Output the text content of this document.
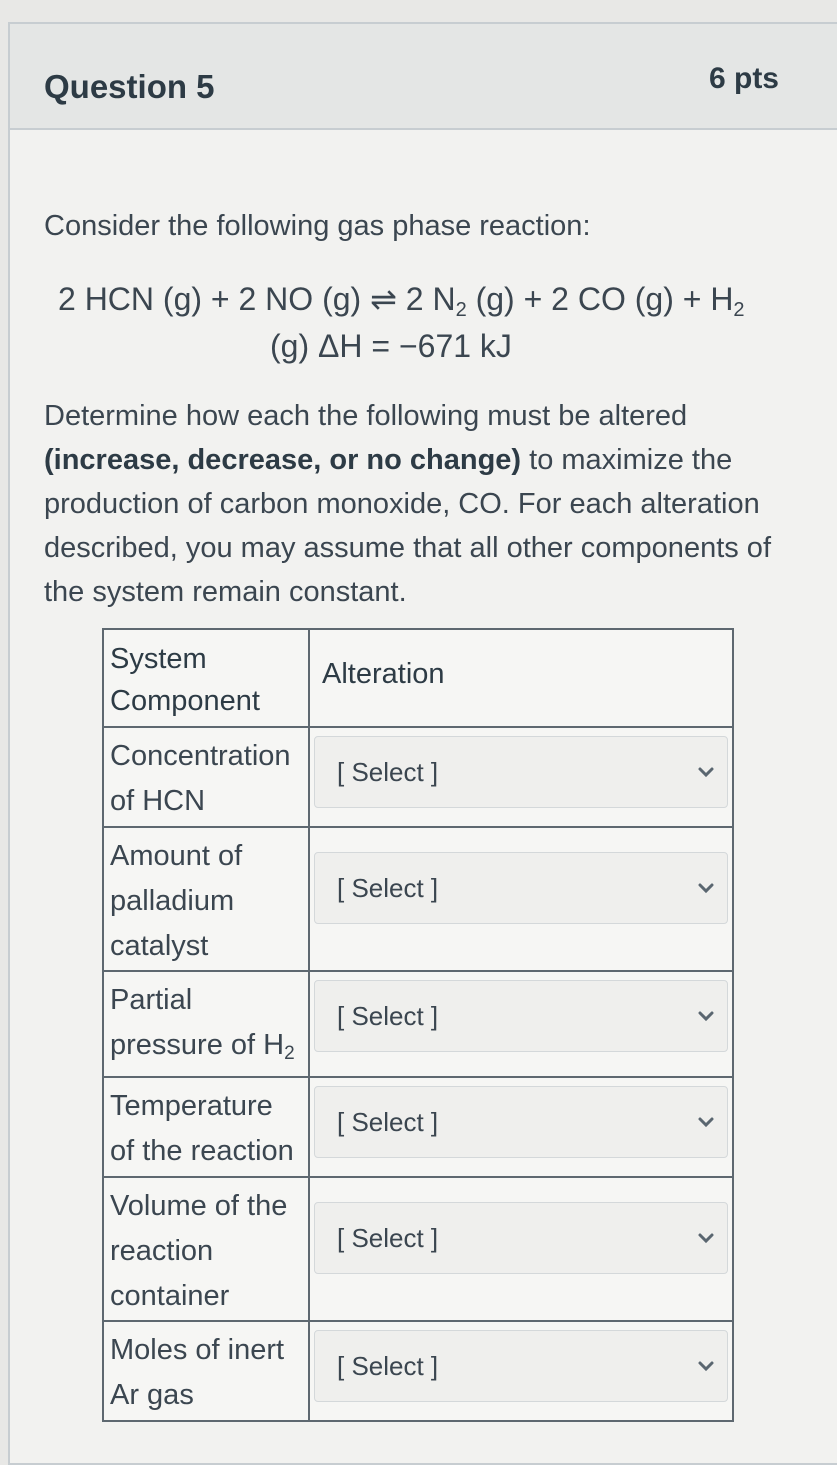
Question 5	6 pts
Consider the following gas phase reaction:
2 HCN (g) + 2 NO (g) ⇌ 2 $N_2$ (g) + 2 CO $(g) + H_2$
(g) ΔH = −671 kJ
Determine how each the following must be altered (increase, decrease, or no change) to maximize the production of carbon monoxide, CO. For each alteration described, you may assume that all other components of the system remain constant.
System Component	Alteration
Concentration of HCN	[ Select ]

Amount of palladium catalyst	[ Select ]

Partial pressure of $H_2$	[ Select ]

Temperature of the reaction	[ Select ]

Volume of the reaction container	[ Select ]

Moles of inert Ar gas	[ Select ]
